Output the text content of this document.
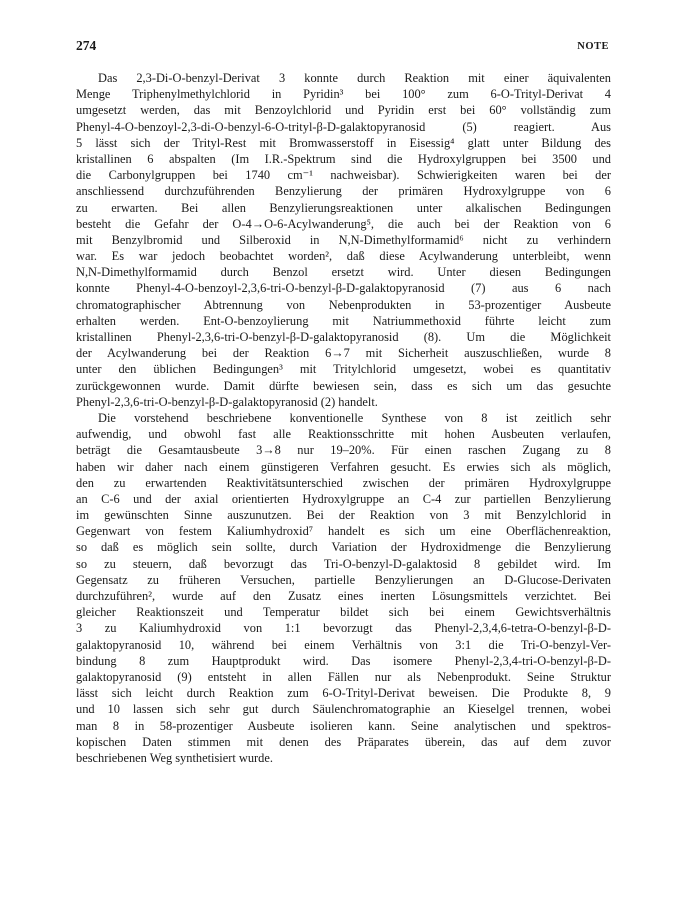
274	NOTE
Das 2,3-Di-O-benzyl-Derivat 3 konnte durch Reaktion mit einer äquivalenten
Menge Triphenylmethylchlorid in Pyridin³ bei 100° zum 6-O-Trityl-Derivat 4
umgesetzt werden, das mit Benzoylchlorid und Pyridin erst bei 60° vollständig zum
Phenyl-4-O-benzoyl-2,3-di-O-benzyl-6-O-trityl-β-D-galaktopyranosid (5) reagiert. Aus
5 lässt sich der Trityl-Rest mit Bromwasserstoff in Eisessig⁴ glatt unter Bildung des
kristallinen 6 abspalten (Im I.R.-Spektrum sind die Hydroxylgruppen bei 3500 und
die Carbonylgruppen bei 1740 cm⁻¹ nachweisbar). Schwierigkeiten waren bei der
anschliessend durchzuführenden Benzylierung der primären Hydroxylgruppe von 6
zu erwarten. Bei allen Benzylierungsreaktionen unter alkalischen Bedingungen
besteht die Gefahr der O-4→O-6-Acylwanderung⁵, die auch bei der Reaktion von 6
mit Benzylbromid und Silberoxid in N,N-Dimethylformamid⁶ nicht zu verhindern
war. Es war jedoch beobachtet worden², daß diese Acylwanderung unterbleibt, wenn
N,N-Dimethylformamid durch Benzol ersetzt wird. Unter diesen Bedingungen
konnte Phenyl-4-O-benzoyl-2,3,6-tri-O-benzyl-β-D-galaktopyranosid (7) aus 6 nach
chromatographischer Abtrennung von Nebenprodukten in 53-prozentiger Ausbeute
erhalten werden. Ent-O-benzoylierung mit Natriummethoxid führte leicht zum
kristallinen Phenyl-2,3,6-tri-O-benzyl-β-D-galaktopyranosid (8). Um die Möglichkeit
der Acylwanderung bei der Reaktion 6→7 mit Sicherheit auszuschließen, wurde 8
unter den üblichen Bedingungen³ mit Tritylchlorid umgesetzt, wobei es quantitativ
zurückgewonnen wurde. Damit dürfte bewiesen sein, dass es sich um das gesuchte
Phenyl-2,3,6-tri-O-benzyl-β-D-galaktopyranosid (2) handelt.
Die vorstehend beschriebene konventionelle Synthese von 8 ist zeitlich sehr
aufwendig, und obwohl fast alle Reaktionsschritte mit hohen Ausbeuten verlaufen,
beträgt die Gesamtausbeute 3→8 nur 19–20%. Für einen raschen Zugang zu 8
haben wir daher nach einem günstigeren Verfahren gesucht. Es erwies sich als möglich,
den zu erwartenden Reaktivitätsunterschied zwischen der primären Hydroxylgruppe
an C-6 und der axial orientierten Hydroxylgruppe an C-4 zur partiellen Benzylierung
im gewünschten Sinne auszunutzen. Bei der Reaktion von 3 mit Benzylchlorid in
Gegenwart von festem Kaliumhydroxid⁷ handelt es sich um eine Oberflächenreaktion,
so daß es möglich sein sollte, durch Variation der Hydroxidmenge die Benzylierung
so zu steuern, daß bevorzugt das Tri-O-benzyl-D-galaktosid 8 gebildet wird. Im
Gegensatz zu früheren Versuchen, partielle Benzylierungen an D-Glucose-Derivaten
durchzuführen², wurde auf den Zusatz eines inerten Lösungsmittels verzichtet. Bei
gleicher Reaktionszeit und Temperatur bildet sich bei einem Gewichtsverhältnis
3 zu Kaliumhydroxid von 1:1 bevorzugt das Phenyl-2,3,4,6-tetra-O-benzyl-β-D-
galaktopyranosid 10, während bei einem Verhältnis von 3:1 die Tri-O-benzyl-Ver-
bindung 8 zum Hauptprodukt wird. Das isomere Phenyl-2,3,4-tri-O-benzyl-β-D-
galaktopyranosid (9) entsteht in allen Fällen nur als Nebenprodukt. Seine Struktur
lässt sich leicht durch Reaktion zum 6-O-Trityl-Derivat beweisen. Die Produkte 8, 9
und 10 lassen sich sehr gut durch Säulenchromatographie an Kieselgel trennen, wobei
man 8 in 58-prozentiger Ausbeute isolieren kann. Seine analytischen und spektros-
kopischen Daten stimmen mit denen des Präparates überein, das auf dem zuvor
beschriebenen Weg synthetisiert wurde.
